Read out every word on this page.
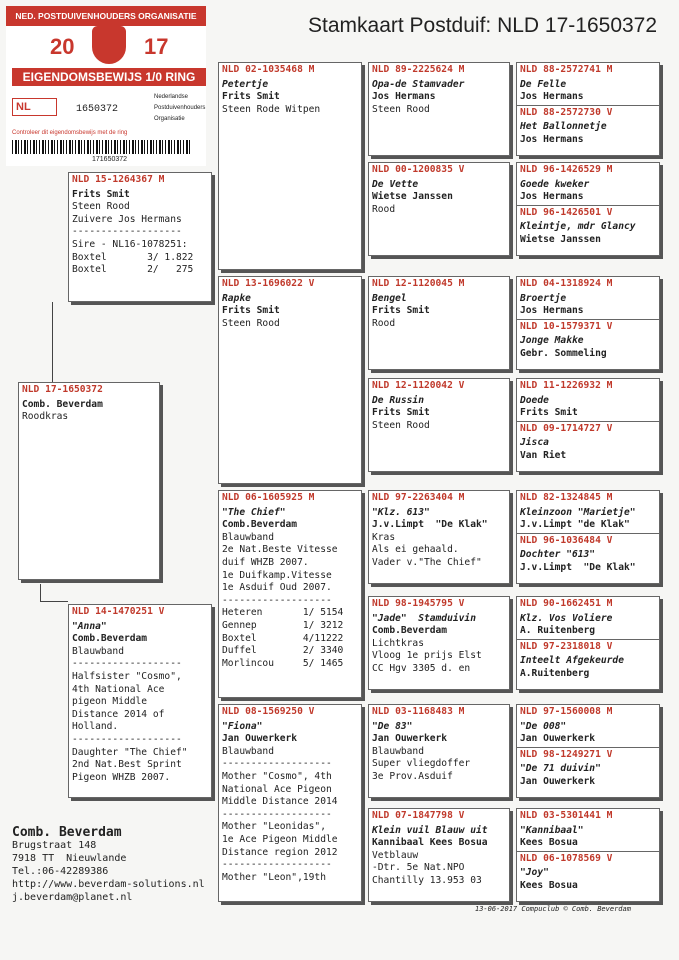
Stamkaart Postduif: NLD 17-1650372
NED. POSTDUIVENHOUDERS ORGANISATIE
20	17
EIGENDOMSBEWIJS 1/0 RING
NL	1650372
Nederlandse
Postduivenhouders
Organisatie
Controleer dit eigendomsbewijs met de ring
171650372
NLD 17-1650372
Comb. Beverdam
Roodkras
NLD 15-1264367 M
Frits Smit
Steen Rood
Zuivere Jos Hermans
-------------------
Sire - NL16-1078251:
Boxtel       3/ 1.822
Boxtel       2/   275
NLD 14-1470251 V
"Anna"
Comb.Beverdam
Blauwband
-------------------
Halfsister "Cosmo",
4th National Ace
pigeon Middle
Distance 2014 of
Holland.
-------------------
Daughter "The Chief"
2nd Nat.Best Sprint
Pigeon WHZB 2007.
NLD 02-1035468 M
Petertje
Frits Smit
Steen Rode Witpen
NLD 13-1696022 V
Rapke
Frits Smit
Steen Rood
NLD 06-1605925 M
"The Chief"
Comb.Beverdam
Blauwband
2e Nat.Beste Vitesse
duif WHZB 2007.
1e Duifkamp.Vitesse
1e Asduif Oud 2007.
-------------------
Heteren       1/ 5154
Gennep        1/ 3212
Boxtel        4/11222
Duffel        2/ 3340
Morlincou     5/ 1465
NLD 08-1569250 V
"Fiona"
Jan Ouwerkerk
Blauwband
-------------------
Mother "Cosmo", 4th
National Ace Pigeon
Middle Distance 2014
-------------------
Mother "Leonidas",
1e Ace Pigeon Middle
Distance region 2012
-------------------
Mother "Leon",19th
NLD 89-2225624 M
Opa-de Stamvader
Jos Hermans
Steen Rood
NLD 00-1200835 V
De Vette
Wietse Janssen
Rood
NLD 12-1120045 M
Bengel
Frits Smit
Rood
NLD 12-1120042 V
De Russin
Frits Smit
Steen Rood
NLD 97-2263404 M
"Klz. 613"
J.v.Limpt  "De Klak"
Kras
Als ei gehaald.
Vader v."The Chief"
NLD 98-1945795 V
"Jade"  Stamduivin
Comb.Beverdam
Lichtkras
Vloog 1e prijs Elst
CC Hgv 3305 d. en
NLD 03-1168483 M
"De 83"
Jan Ouwerkerk
Blauwband
Super vliegdoffer
3e Prov.Asduif
NLD 07-1847798 V
Klein vuil Blauw uit
Kannibaal Kees Bosua
Vetblauw
-Dtr. 5e Nat.NPO
Chantilly 13.953 03
NLD 88-2572741 M
De Felle
Jos Hermans
NLD 88-2572730 V
Het Ballonnetje
Jos Hermans
NLD 96-1426529 M
Goede kweker
Jos Hermans
NLD 96-1426501 V
Kleintje, mdr Glancy
Wietse Janssen
NLD 04-1318924 M
Broertje
Jos Hermans
NLD 10-1579371 V
Jonge Makke
Gebr. Sommeling
NLD 11-1226932 M
Doede
Frits Smit
NLD 09-1714727 V
Jisca
Van Riet
NLD 82-1324845 M
Kleinzoon "Marietje"
J.v.Limpt "de Klak"
NLD 96-1036484 V
Dochter "613"
J.v.Limpt  "De Klak"
NLD 90-1662451 M
Klz. Vos Voliere
A. Ruitenberg
NLD 97-2318018 V
Inteelt Afgekeurde
A.Ruitenberg
NLD 97-1560008 M
"De 008"
Jan Ouwerkerk
NLD 98-1249271 V
"De 71 duivin"
Jan Ouwerkerk
NLD 03-5301441 M
"Kannibaal"
Kees Bosua
NLD 06-1078569 V
"Joy"
Kees Bosua
Comb. Beverdam
Brugstraat 148
7918 TT  Nieuwlande
Tel.:06-42289386
http://www.beverdam-solutions.nl
j.beverdam@planet.nl
13-06-2017 Compuclub © Comb. Beverdam
